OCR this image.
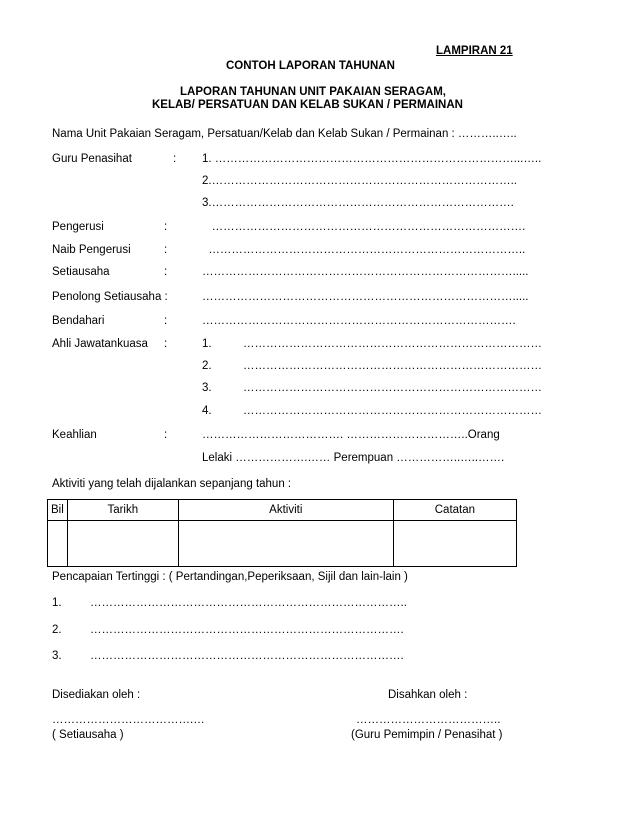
LAMPIRAN 21
CONTOH LAPORAN TAHUNAN
LAPORAN TAHUNAN UNIT PAKAIAN SERAGAM,
KELAB/ PERSATUAN DAN KELAB SUKAN / PERMAINAN
Nama Unit Pakaian Seragam, Persatuan/Kelab dan Kelab Sukan / Permainan : ………..…..
Guru Penasihat	: 1. ……………………………………………………………………...…..
2.……………………………………………………………………..
3.…………………………………………………………………….
Pengerusi	:	……………………………………………………………………….
Naib Pengerusi	:	………………………………………………………………………..
Setiausaha	:	……………………………………………………………………….....
Penolong Setiausaha :	……………………………………………………………………….....
Bendahari	:	……………………………………………………………………….
Ahli Jawatankuasa :	1.	……………………………………………………………………
2.	……………………………………………………………………
3.	……………………………………………………………………
4.	……………………………………………………………………
Keahlian	:	………………………………. …………………………..Orang
Lelaki ……………….…… Perempuan ……………..…..…….
Aktiviti yang telah dijalankan sepanjang tahun :
Bil	Tarikh	Aktiviti	Catatan

Pencapaian Tertinggi : ( Pertandingan,Peperiksaan, Sijil dan lain-lain )
1. ………………………………………………………………………..
2. ……………………………………………………………………….
3. ……………………………………………………………………….
Disediakan oleh :	Disahkan oleh :
……………………………….…	………………………………..
( Setiausaha )	(Guru Pemimpin / Penasihat )
